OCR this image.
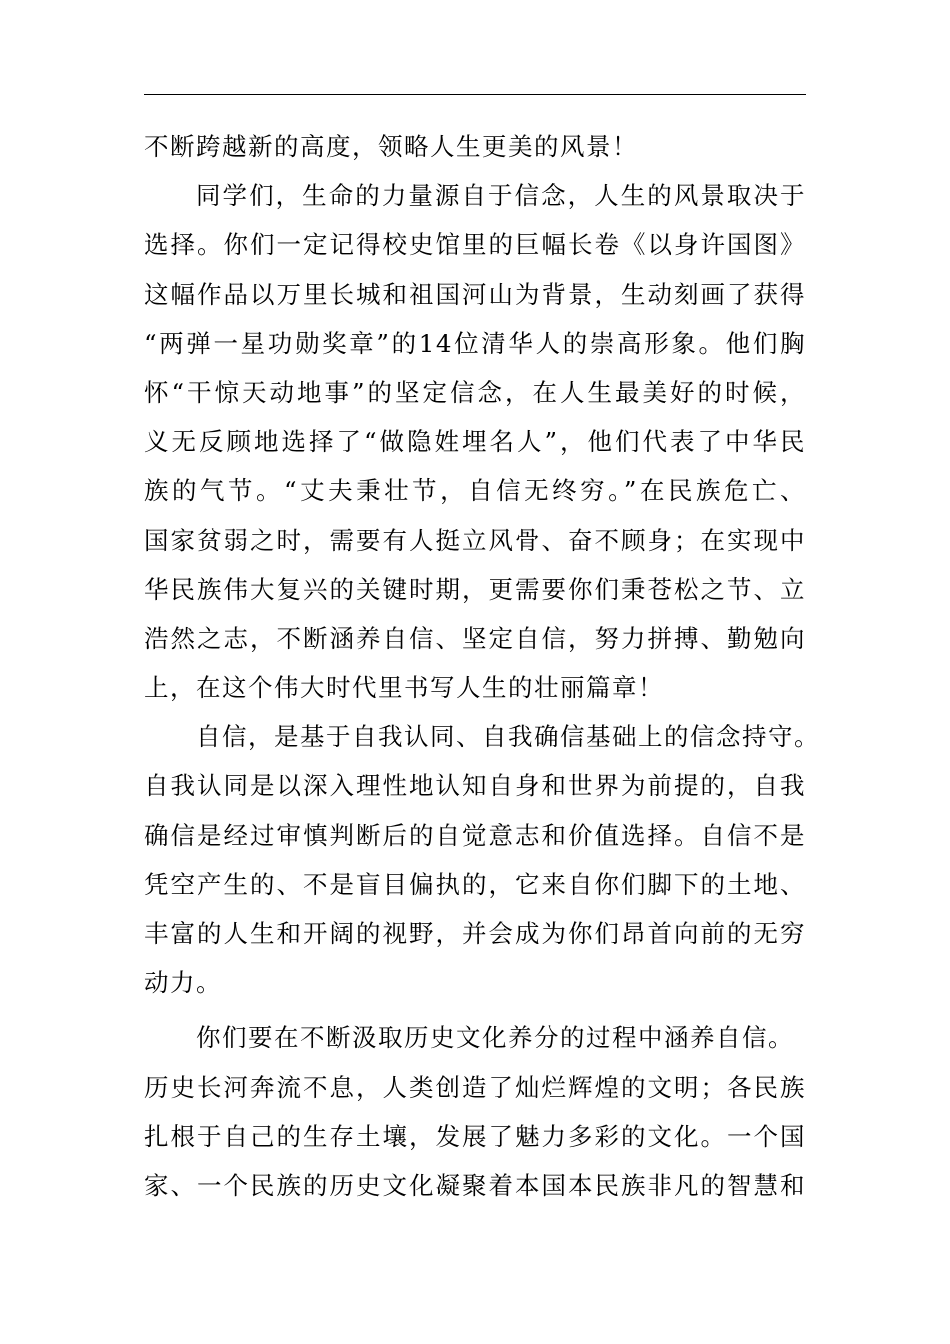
不断跨越新的高度，领略人生更美的风景！
同学们，生命的力量源自于信念，人生的风景取决于
选择。你们一定记得校史馆里的巨幅长卷《以身许国图》
这幅作品以万里长城和祖国河山为背景，生动刻画了获得
“两弹一星功勋奖章”的14位清华人的崇高形象。他们胸
怀“干惊天动地事”的坚定信念，在人生最美好的时候，
义无反顾地选择了“做隐姓埋名人”，他们代表了中华民
族的气节。“丈夫秉壮节，自信无终穷。”在民族危亡、
国家贫弱之时，需要有人挺立风骨、奋不顾身；在实现中
华民族伟大复兴的关键时期，更需要你们秉苍松之节、立
浩然之志，不断涵养自信、坚定自信，努力拼搏、勤勉向
上，在这个伟大时代里书写人生的壮丽篇章！
自信，是基于自我认同、自我确信基础上的信念持守。
自我认同是以深入理性地认知自身和世界为前提的，自我
确信是经过审慎判断后的自觉意志和价值选择。自信不是
凭空产生的、不是盲目偏执的，它来自你们脚下的土地、
丰富的人生和开阔的视野，并会成为你们昂首向前的无穷
动力。
你们要在不断汲取历史文化养分的过程中涵养自信。
历史长河奔流不息，人类创造了灿烂辉煌的文明；各民族
扎根于自己的生存土壤，发展了魅力多彩的文化。一个国
家、一个民族的历史文化凝聚着本国本民族非凡的智慧和
